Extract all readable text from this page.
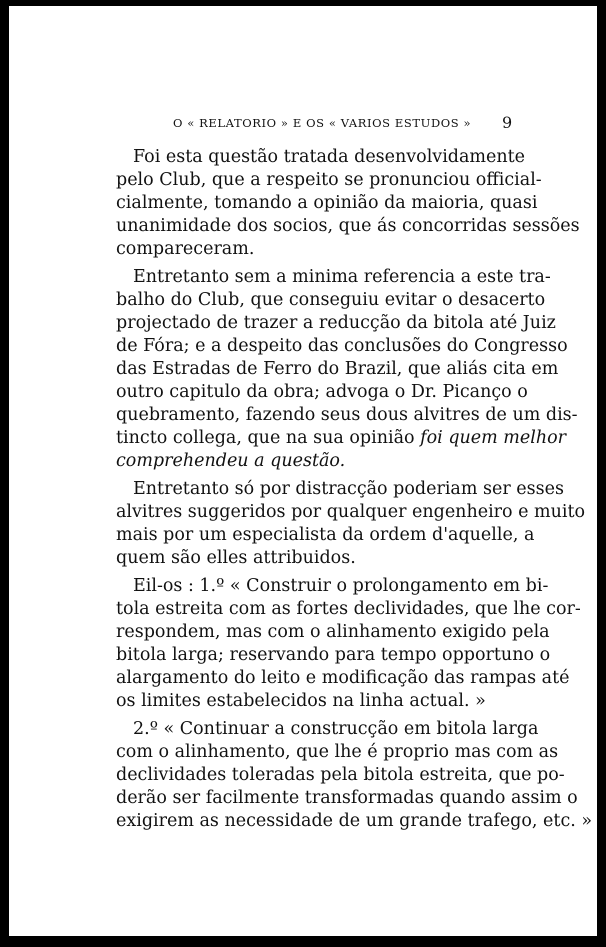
O « RELATORIO » E OS « VARIOS ESTUDOS » 9
Foi esta questão tratada desenvolvidamente
pelo Club, que a respeito se pronunciou official-
cialmente, tomando a opinião da maioria, quasi
unanimidade dos socios, que ás concorridas sessões
compareceram.
Entretanto sem a minima referencia a este tra-
balho do Club, que conseguiu evitar o desacerto
projectado de trazer a reducção da bitola até Juiz
de Fóra; e a despeito das conclusões do Congresso
das Estradas de Ferro do Brazil, que aliás cita em
outro capitulo da obra; advoga o Dr. Picanço o
quebramento, fazendo seus dous alvitres de um dis-
tincto collega, que na sua opinião foi quem melhor
comprehendeu a questão.
Entretanto só por distracção poderiam ser esses
alvitres suggeridos por qualquer engenheiro e muito
mais por um especialista da ordem d'aquelle, a
quem são elles attribuidos.
Eil-os : 1.º « Construir o prolongamento em bi-
tola estreita com as fortes declividades, que lhe cor-
respondem, mas com o alinhamento exigido pela
bitola larga; reservando para tempo opportuno o
alargamento do leito e modificação das rampas até
os limites estabelecidos na linha actual. »
2.º « Continuar a construcção em bitola larga
com o alinhamento, que lhe é proprio mas com as
declividades toleradas pela bitola estreita, que po-
derão ser facilmente transformadas quando assim o
exigirem as necessidade de um grande trafego, etc. »
